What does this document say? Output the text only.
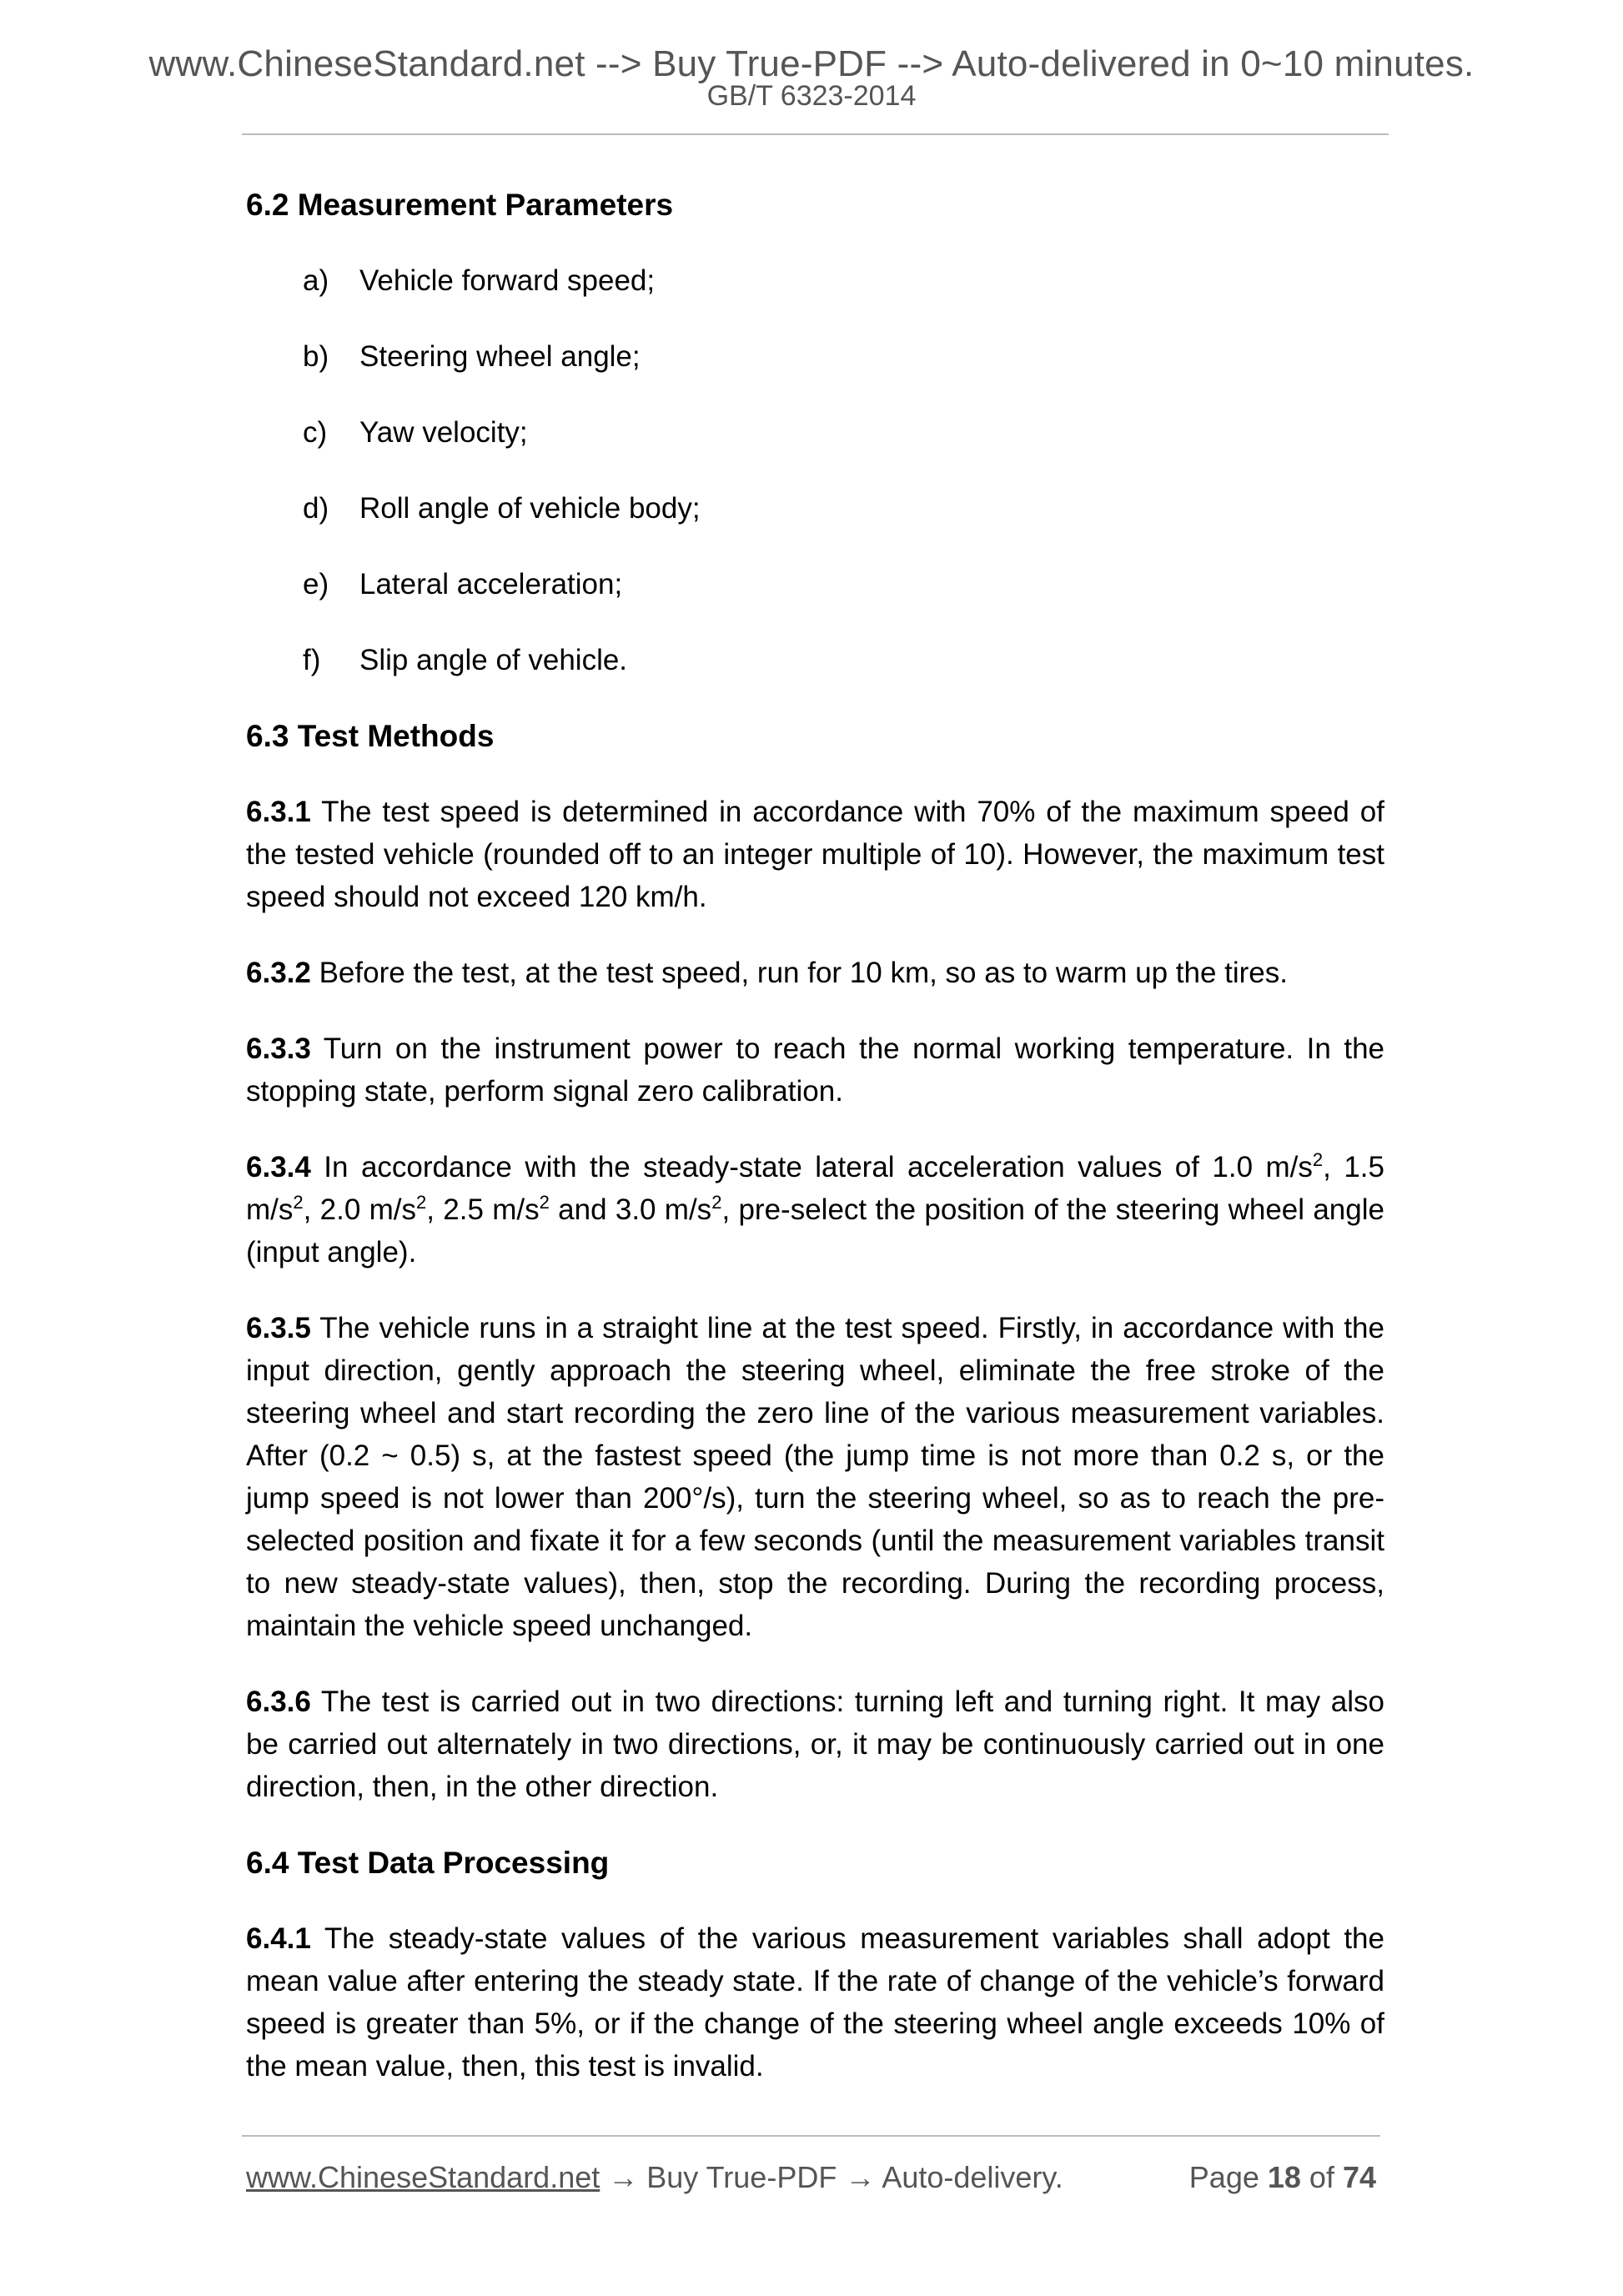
www.ChineseStandard.net --> Buy True-PDF --> Auto-delivered in 0~10 minutes.
GB/T 6323-2014
6.2 Measurement Parameters
a)	Vehicle forward speed;
b)	Steering wheel angle;
c)	Yaw velocity;
d)	Roll angle of vehicle body;
e)	Lateral acceleration;
f)	Slip angle of vehicle.
6.3 Test Methods

6.3.1 The test speed is determined in accordance with 70% of the maximum speed of the tested vehicle (rounded off to an integer multiple of 10). However, the maximum test speed should not exceed 120 km/h.

6.3.2 Before the test, at the test speed, run for 10 km, so as to warm up the tires.

6.3.3 Turn on the instrument power to reach the normal working temperature. In the stopping state, perform signal zero calibration.

6.3.4 In accordance with the steady-state lateral acceleration values of 1.0 $m/s^2$, 1.5 $m/s^2$, 2.0 $m/s^2$, 2.5 $m/s^2$ and 3.0 $m/s^2$, pre-select the position of the steering wheel angle (input angle).

6.3.5 The vehicle runs in a straight line at the test speed. Firstly, in accordance with the input direction, gently approach the steering wheel, eliminate the free stroke of the steering wheel and start recording the zero line of the various measurement variables. After (0.2 ~ 0.5) s, at the fastest speed (the jump time is not more than 0.2 s, or the jump speed is not lower than 200°/s), turn the steering wheel, so as to reach the pre-selected position and fixate it for a few seconds (until the measurement variables transit to new steady-state values), then, stop the recording. During the recording process, maintain the vehicle speed unchanged.

6.3.6 The test is carried out in two directions: turning left and turning right. It may also be carried out alternately in two directions, or, it may be continuously carried out in one direction, then, in the other direction.

6.4 Test Data Processing

6.4.1 The steady-state values of the various measurement variables shall adopt the mean value after entering the steady state. If the rate of change of the vehicle’s forward speed is greater than 5%, or if the change of the steering wheel angle exceeds 10% of the mean value, then, this test is invalid.

www.ChineseStandard.net → Buy True-PDF → Auto-delivery.	Page 18 of 74
